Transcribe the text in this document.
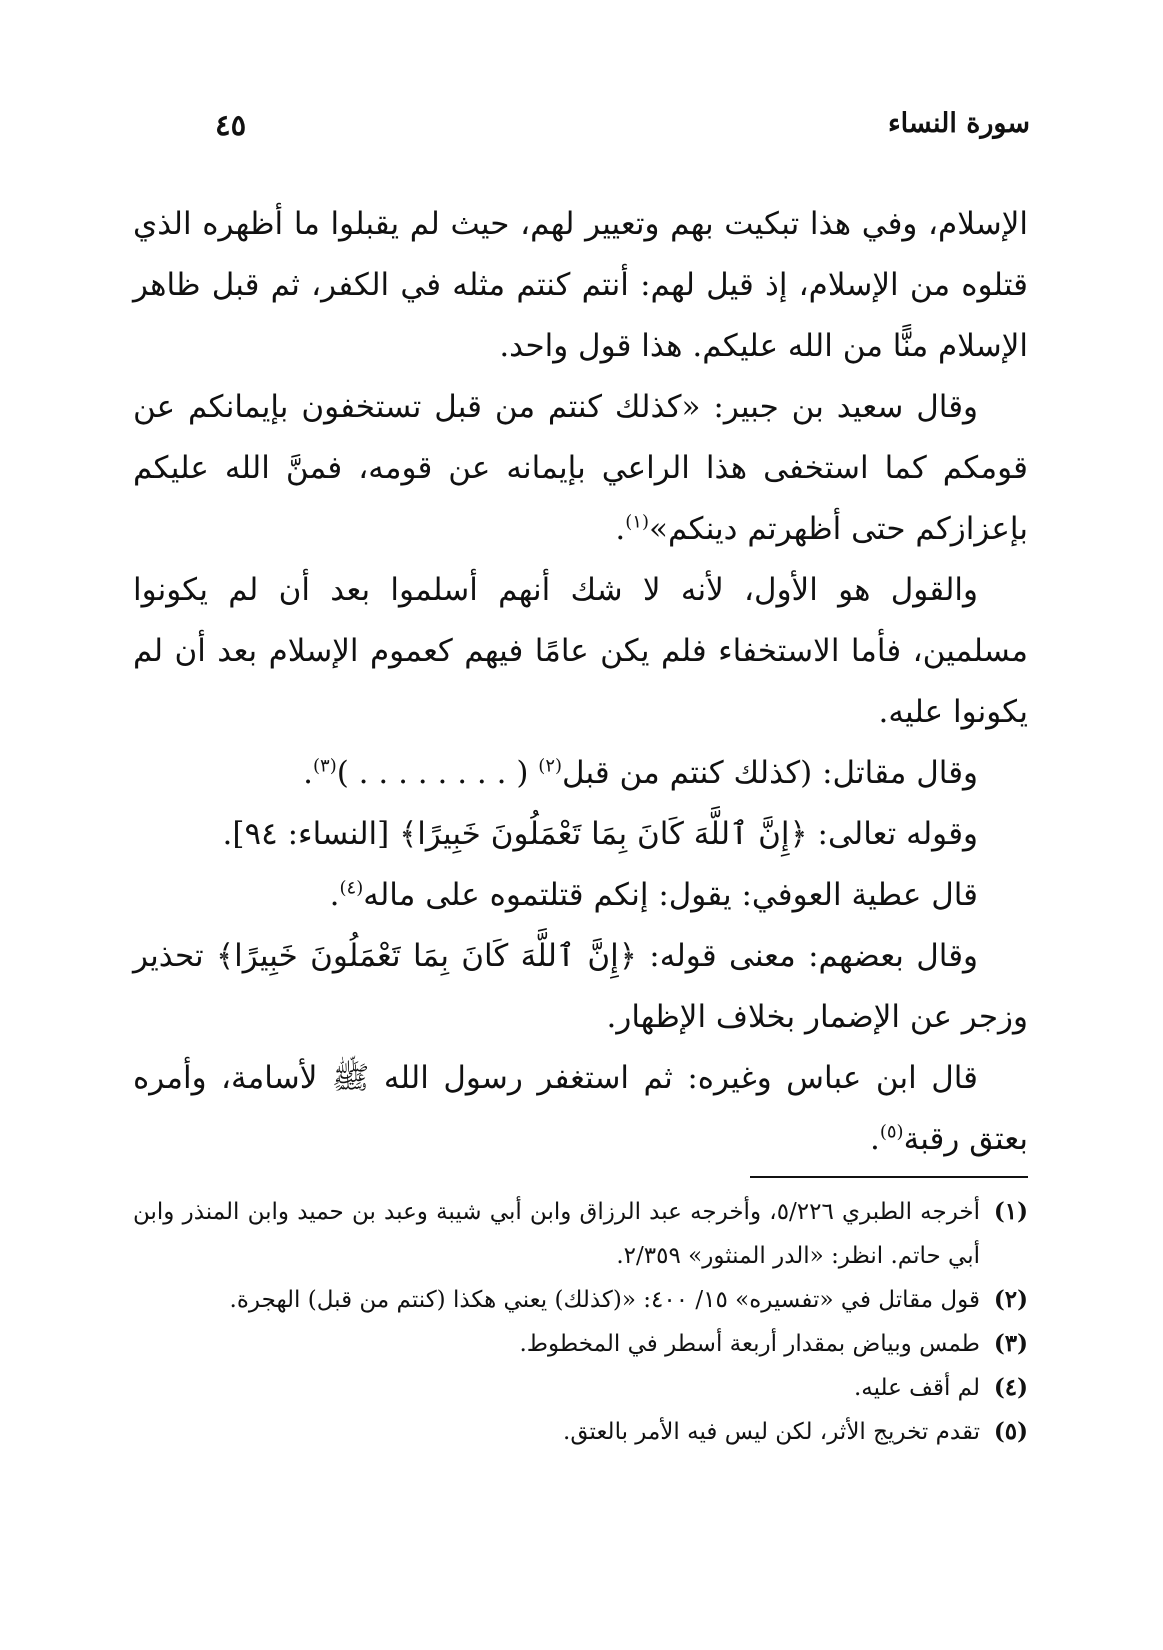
سورة النساء
٤٥

الإسلام، وفي هذا تبكيت بهم وتعيير لهم، حيث لم يقبلوا ما أظهره الذي قتلوه من الإسلام، إذ قيل لهم: أنتم كنتم مثله في الكفر، ثم قبل ظاهر الإسلام منًّا من الله عليكم. هذا قول واحد.

وقال سعيد بن جبير: «كذلك كنتم من قبل تستخفون بإيمانكم عن قومكم كما استخفى هذا الراعي بإيمانه عن قومه، فمنَّ الله عليكم بإعزازكم حتى أظهرتم دينكم»$^{(١)}$.

والقول هو الأول، لأنه لا شك أنهم أسلموا بعد أن لم يكونوا مسلمين، فأما الاستخفاء فلم يكن عامًا فيهم كعموم الإسلام بعد أن لم يكونوا عليه.

وقال مقاتل: (كذلك كنتم من قبل$^{(٢)}$ ( . . . . . . . . )$^{(٣)}$.

وقوله تعالى: ﴿إِنَّ ٱللَّهَ كَانَ بِمَا تَعْمَلُونَ خَبِيرًا﴾ [النساء: ٩٤].

قال عطية العوفي: يقول: إنكم قتلتموه على ماله$^{(٤)}$.

وقال بعضهم: معنى قوله: ﴿إِنَّ ٱللَّهَ كَانَ بِمَا تَعْمَلُونَ خَبِيرًا﴾ تحذير وزجر عن الإضمار بخلاف الإظهار.

قال ابن عباس وغيره: ثم استغفر رسول الله ﷺ لأسامة، وأمره بعتق رقبة$^{(٥)}$.

(١)
أخرجه الطبري ٥/٢٢٦، وأخرجه عبد الرزاق وابن أبي شيبة وعبد بن حميد وابن المنذر وابن أبي حاتم. انظر: «الدر المنثور» ٢/٣٥٩.
(٢)
قول مقاتل في «تفسيره» ١٥/ ٤٠٠: «(كذلك) يعني هكذا (كنتم من قبل) الهجرة.
(٣)
طمس وبياض بمقدار أربعة أسطر في المخطوط.
(٤)
لم أقف عليه.
(٥)
تقدم تخريج الأثر، لكن ليس فيه الأمر بالعتق.
